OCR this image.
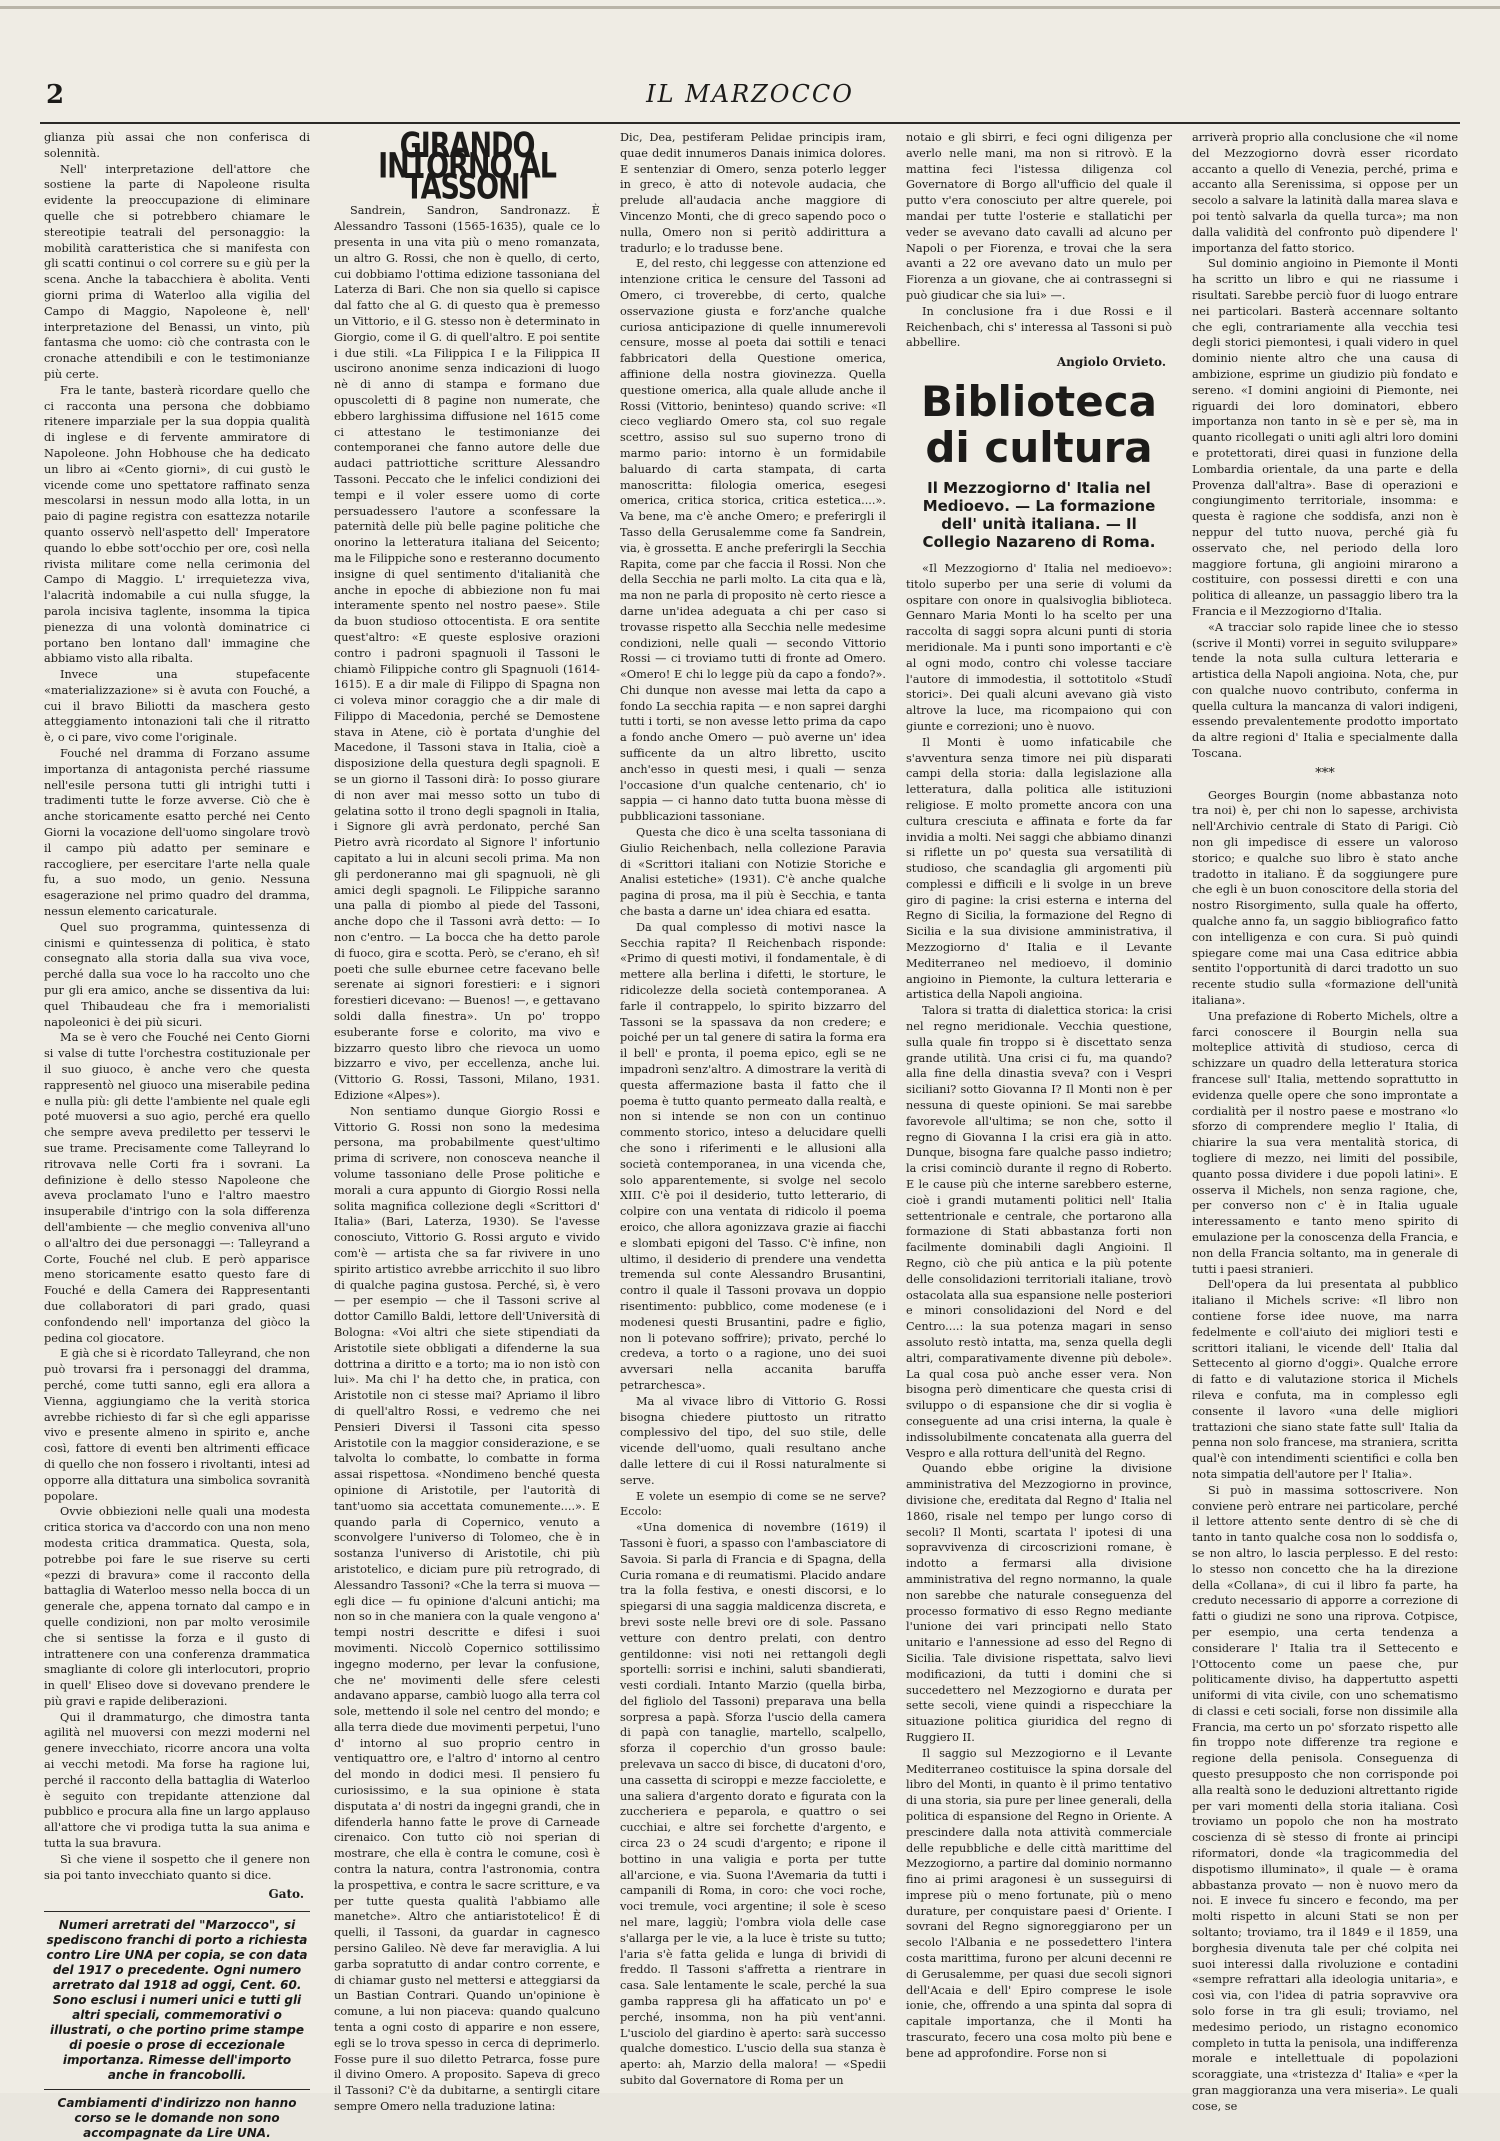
2	IL MARZOCCO

glianza più assai che non conferisca di solennità.

Nell' interpretazione dell'attore che sostiene la parte di Napoleone risulta evidente la preoccupazione di eliminare quelle che si potrebbero chiamare le stereotipie teatrali del personaggio: la mobilità caratteristica che si manifesta con gli scatti continui o col correre su e giù per la scena. Anche la tabacchiera è abolita. Venti giorni prima di Waterloo alla vigilia del Campo di Maggio, Napoleone è, nell' interpretazione del Benassi, un vinto, più fantasma che uomo: ciò che contrasta con le cronache attendibili e con le testimonianze più certe.

Fra le tante, basterà ricordare quello che ci racconta una persona che dobbiamo ritenere imparziale per la sua doppia qualità di inglese e di fervente ammiratore di Napoleone. John Hobhouse che ha dedicato un libro ai «Cento giorni», di cui gustò le vicende come uno spettatore raffinato senza mescolarsi in nessun modo alla lotta, in un paio di pagine registra con esattezza notarile quanto osservò nell'aspetto dell' Imperatore quando lo ebbe sott'occhio per ore, così nella rivista militare come nella cerimonia del Campo di Maggio. L' irrequietezza viva, l'alacrità indomabile a cui nulla sfugge, la parola incisiva taglente, insomma la tipica pienezza di una volontà dominatrice ci portano ben lontano dall' immagine che abbiamo visto alla ribalta.

Invece una stupefacente «materializzazione» si è avuta con Fouché, a cui il bravo Biliotti da maschera gesto atteggiamento intonazioni tali che il ritratto è, o ci pare, vivo come l'originale.

Fouché nel dramma di Forzano assume importanza di antagonista perché riassume nell'esile persona tutti gli intrighi tutti i tradimenti tutte le forze avverse. Ciò che è anche storicamente esatto perché nei Cento Giorni la vocazione dell'uomo singolare trovò il campo più adatto per seminare e raccogliere, per esercitare l'arte nella quale fu, a suo modo, un genio. Nessuna esagerazione nel primo quadro del dramma, nessun elemento caricaturale.

Quel suo programma, quintessenza di cinismi e quintessenza di politica, è stato consegnato alla storia dalla sua viva voce, perché dalla sua voce lo ha raccolto uno che pur gli era amico, anche se dissentiva da lui: quel Thibaudeau che fra i memorialisti napoleonici è dei più sicuri.

Ma se è vero che Fouché nei Cento Giorni si valse di tutte l'orchestra costituzionale per il suo giuoco, è anche vero che questa rappresentò nel giuoco una miserabile pedina e nulla più: gli dette l'ambiente nel quale egli poté muoversi a suo agio, perché era quello che sempre aveva prediletto per tesservi le sue trame. Precisamente come Talleyrand lo ritrovava nelle Corti fra i sovrani. La definizione è dello stesso Napoleone che aveva proclamato l'uno e l'altro maestro insuperabile d'intrigo con la sola differenza dell'ambiente — che meglio conveniva all'uno o all'altro dei due personaggi —: Talleyrand a Corte, Fouché nel club. E però apparisce meno storicamente esatto questo fare di Fouché e della Camera dei Rappresentanti due collaboratori di pari grado, quasi confondendo nell' importanza del giòco la pedina col giocatore.

E già che si è ricordato Talleyrand, che non può trovarsi fra i personaggi del dramma, perché, come tutti sanno, egli era allora a Vienna, aggiungiamo che la verità storica avrebbe richiesto di far sì che egli apparisse vivo e presente almeno in spirito e, anche così, fattore di eventi ben altrimenti efficace di quello che non fossero i rivoltanti, intesi ad opporre alla dittatura una simbolica sovranità popolare.

Ovvie obbiezioni nelle quali una modesta critica storica va d'accordo con una non meno modesta critica drammatica. Questa, sola, potrebbe poi fare le sue riserve su certi «pezzi di bravura» come il racconto della battaglia di Waterloo messo nella bocca di un generale che, appena tornato dal campo e in quelle condizioni, non par molto verosimile che si sentisse la forza e il gusto di intrattenere con una conferenza drammatica smagliante di colore gli interlocutori, proprio in quell' Eliseo dove si dovevano prendere le più gravi e rapide deliberazioni.

Qui il drammaturgo, che dimostra tanta agilità nel muoversi con mezzi moderni nel genere invecchiato, ricorre ancora una volta ai vecchi metodi. Ma forse ha ragione lui, perché il racconto della battaglia di Waterloo è seguito con trepidante attenzione dal pubblico e procura alla fine un largo applauso all'attore che vi prodiga tutta la sua anima e tutta la sua bravura.

Sì che viene il sospetto che il genere non sia poi tanto invecchiato quanto si dice.

Gato.
Numeri arretrati del "Marzocco", si spediscono franchi di porto a richiesta contro Lire UNA per copia, se con data del 1917 o precedente. Ogni numero arretrato dal 1918 ad oggi, Cent. 60. Sono esclusi i numeri unici e tutti gli altri speciali, commemorativi o illustrati, o che portino prime stampe di poesie o prose di eccezionale importanza. Rimesse dell'importo anche in francobolli.
Cambiamenti d'indirizzo non hanno corso se le domande non sono accompagnate da Lire UNA.
GIRANDO INTORNO AL TASSONI

Sandrein, Sandron, Sandronazz. È Alessandro Tassoni (1565-1635), quale ce lo presenta in una vita più o meno romanzata, un altro G. Rossi, che non è quello, di certo, cui dobbiamo l'ottima edizione tassoniana del Laterza di Bari. Che non sia quello si capisce dal fatto che al G. di questo qua è premesso un Vittorio, e il G. stesso non è determinato in Giorgio, come il G. di quell'altro. E poi sentite i due stili. «La Filippica I e la Filippica II uscirono anonime senza indicazioni di luogo nè di anno di stampa e formano due opuscoletti di 8 pagine non numerate, che ebbero larghissima diffusione nel 1615 come ci attestano le testimonianze dei contemporanei che fanno autore delle due audaci pattriottiche scritture Alessandro Tassoni. Peccato che le infelici condizioni dei tempi e il voler essere uomo di corte persuadessero l'autore a sconfessare la paternità delle più belle pagine politiche che onorino la letteratura italiana del Seicento; ma le Filippiche sono e resteranno documento insigne di quel sentimento d'italianità che anche in epoche di abbiezione non fu mai interamente spento nel nostro paese». Stile da buon studioso ottocentista. E ora sentite quest'altro: «E queste esplosive orazioni contro i padroni spagnuoli il Tassoni le chiamò Filippiche contro gli Spagnuoli (1614-1615). E a dir male di Filippo di Spagna non ci voleva minor coraggio che a dir male di Filippo di Macedonia, perché se Demostene stava in Atene, ciò è portata d'unghie del Macedone, il Tassoni stava in Italia, cioè a disposizione della questura degli spagnoli. E se un giorno il Tassoni dirà: Io posso giurare di non aver mai messo sotto un tubo di gelatina sotto il trono degli spagnoli in Italia, i Signore gli avrà perdonato, perché San Pietro avrà ricordato al Signore l' infortunio capitato a lui in alcuni secoli prima. Ma non gli perdoneranno mai gli spagnuoli, nè gli amici degli spagnoli. Le Filippiche saranno una palla di piombo al piede del Tassoni, anche dopo che il Tassoni avrà detto: — Io non c'entro. — La bocca che ha detto parole di fuoco, gira e scotta. Però, se c'erano, eh sì! poeti che sulle eburnee cetre facevano belle serenate ai signori forestieri: e i signori forestieri dicevano: — Buenos! —, e gettavano soldi dalla finestra». Un po' troppo esuberante forse e colorito, ma vivo e bizzarro questo libro che rievoca un uomo bizzarro e vivo, per eccellenza, anche lui. (Vittorio G. Rossi, Tassoni, Milano, 1931. Edizione «Alpes»).

Non sentiamo dunque Giorgio Rossi e Vittorio G. Rossi non sono la medesima persona, ma probabilmente quest'ultimo prima di scrivere, non conosceva neanche il volume tassoniano delle Prose politiche e morali a cura appunto di Giorgio Rossi nella solita magnifica collezione degli «Scrittori d' Italia» (Bari, Laterza, 1930). Se l'avesse conosciuto, Vittorio G. Rossi arguto e vivido com'è — artista che sa far rivivere in uno spirito artistico avrebbe arricchito il suo libro di qualche pagina gustosa. Perché, sì, è vero — per esempio — che il Tassoni scrive al dottor Camillo Baldi, lettore dell'Università di Bologna: «Voi altri che siete stipendiati da Aristotile siete obbligati a difenderne la sua dottrina a diritto e a torto; ma io non istò con lui». Ma chi l' ha detto che, in pratica, con Aristotile non ci stesse mai? Apriamo il libro di quell'altro Rossi, e vedremo che nei Pensieri Diversi il Tassoni cita spesso Aristotile con la maggior considerazione, e se talvolta lo combatte, lo combatte in forma assai rispettosa. «Nondimeno benché questa opinione di Aristotile, per l'autorità di tant'uomo sia accettata comunemente....». E quando parla di Copernico, venuto a sconvolgere l'universo di Tolomeo, che è in sostanza l'universo di Aristotile, chi più aristotelico, e diciam pure più retrogrado, di Alessandro Tassoni? «Che la terra si muova — egli dice — fu opinione d'alcuni antichi; ma non so in che maniera con la quale vengono a' tempi nostri descritte e difesi i suoi movimenti. Niccolò Copernico sottilissimo ingegno moderno, per levar la confusione, che ne' movimenti delle sfere celesti andavano apparse, cambiò luogo alla terra col sole, mettendo il sole nel centro del mondo; e alla terra diede due movimenti perpetui, l'uno d' intorno al suo proprio centro in ventiquattro ore, e l'altro d' intorno al centro del mondo in dodici mesi. Il pensiero fu curiosissimo, e la sua opinione è stata disputata a' di nostri da ingegni grandi, che in difenderla hanno fatte le prove di Carneade cirenaico. Con tutto ciò noi sperian di mostrare, che ella è contra le comune, così è contra la natura, contra l'astronomia, contra la prospettiva, e contra le sacre scritture, e va per tutte questa qualità l'abbiamo alle manetche». Altro che antiaristotelico! È di quelli, il Tassoni, da guardar in cagnesco persino Galileo. Nè deve far meraviglia. A lui garba sopratutto di andar contro corrente, e di chiamar gusto nel mettersi e atteggiarsi da un Bastian Contrari. Quando un'opinione è comune, a lui non piaceva: quando qualcuno tenta a ogni costo di apparire e non essere, egli se lo trova spesso in cerca di deprimerlo. Fosse pure il suo diletto Petrarca, fosse pure il divino Omero. A proposito. Sapeva di greco il Tassoni? C'è da dubitarne, a sentirgli citare sempre Omero nella traduzione latina:

Dic, Dea, pestiferam Pelidae principis iram, quae dedit innumeros Danais inimica dolores. E sentenziar di Omero, senza poterlo legger in greco, è atto di notevole audacia, che prelude all'audacia anche maggiore di Vincenzo Monti, che di greco sapendo poco o nulla, Omero non si peritò addirittura a tradurlo; e lo tradusse bene.

E, del resto, chi leggesse con attenzione ed intenzione critica le censure del Tassoni ad Omero, ci troverebbe, di certo, qualche osservazione giusta e forz'anche qualche curiosa anticipazione di quelle innumerevoli censure, mosse al poeta dai sottili e tenaci fabbricatori della Questione omerica, affinione della nostra giovinezza. Quella questione omerica, alla quale allude anche il Rossi (Vittorio, beninteso) quando scrive: «Il cieco vegliardo Omero sta, col suo regale scettro, assiso sul suo superno trono di marmo pario: intorno è un formidabile baluardo di carta stampata, di carta manoscritta: filologia omerica, esegesi omerica, critica storica, critica estetica....». Va bene, ma c'è anche Omero; e preferirgli il Tasso della Gerusalemme come fa Sandrein, via, è grossetta. E anche preferirgli la Secchia Rapita, come par che faccia il Rossi. Non che della Secchia ne parli molto. La cita qua e là, ma non ne parla di proposito nè certo riesce a darne un'idea adeguata a chi per caso si trovasse rispetto alla Secchia nelle medesime condizioni, nelle quali — secondo Vittorio Rossi — ci troviamo tutti di fronte ad Omero. «Omero! E chi lo legge più da capo a fondo?». Chi dunque non avesse mai letta da capo a fondo La secchia rapita — e non saprei darghi tutti i torti, se non avesse letto prima da capo a fondo anche Omero — può averne un' idea sufficente da un altro libretto, uscito anch'esso in questi mesi, i quali — senza l'occasione d'un qualche centenario, ch' io sappia — ci hanno dato tutta buona mèsse di pubblicazioni tassoniane.

Questa che dico è una scelta tassoniana di Giulio Reichenbach, nella collezione Paravia di «Scrittori italiani con Notizie Storiche e Analisi estetiche» (1931). C'è anche qualche pagina di prosa, ma il più è Secchia, e tanta che basta a darne un' idea chiara ed esatta.

Da qual complesso di motivi nasce la Secchia rapita? Il Reichenbach risponde: «Primo di questi motivi, il fondamentale, è di mettere alla berlina i difetti, le storture, le ridicolezze della società contemporanea. A farle il contrappelo, lo spirito bizzarro del Tassoni se la spassava da non credere; e poiché per un tal genere di satira la forma era il bell' e pronta, il poema epico, egli se ne impadronì senz'altro. A dimostrare la verità di questa affermazione basta il fatto che il poema è tutto quanto permeato dalla realtà, e non si intende se non con un continuo commento storico, inteso a delucidare quelli che sono i riferimenti e le allusioni alla società contemporanea, in una vicenda che, solo apparentemente, si svolge nel secolo XIII. C'è poi il desiderio, tutto letterario, di colpire con una ventata di ridicolo il poema eroico, che allora agonizzava grazie ai fiacchi e slombati epigoni del Tasso. C'è infine, non ultimo, il desiderio di prendere una vendetta tremenda sul conte Alessandro Brusantini, contro il quale il Tassoni provava un doppio risentimento: pubblico, come modenese (e i modenesi questi Brusantini, padre e figlio, non li potevano soffrire); privato, perché lo credeva, a torto o a ragione, uno dei suoi avversari nella accanita baruffa petrarchesca».

Ma al vivace libro di Vittorio G. Rossi bisogna chiedere piuttosto un ritratto complessivo del tipo, del suo stile, delle vicende dell'uomo, quali resultano anche dalle lettere di cui il Rossi naturalmente si serve.

E volete un esempio di come se ne serve? Eccolo:

«Una domenica di novembre (1619) il Tassoni è fuori, a spasso con l'ambasciatore di Savoia. Si parla di Francia e di Spagna, della Curia romana e di reumatismi. Placido andare tra la folla festiva, e onesti discorsi, e lo spiegarsi di una saggia maldicenza discreta, e brevi soste nelle brevi ore di sole. Passano vetture con dentro prelati, con dentro gentildonne: visi noti nei rettangoli degli sportelli: sorrisi e inchini, saluti sbandierati, vesti cordiali. Intanto Marzio (quella birba, del figliolo del Tassoni) preparava una bella sorpresa a papà. Sforza l'uscio della camera di papà con tanaglie, martello, scalpello, sforza il coperchio d'un grosso baule: prelevava un sacco di bisce, di ducatoni d'oro, una cassetta di sciroppi e mezze facciolette, e una saliera d'argento dorato e figurata con la zuccheriera e peparola, e quattro o sei cucchiai, e altre sei forchette d'argento, e circa 23 o 24 scudi d'argento; e ripone il bottino in una valigia e porta per tutte all'arcione, e via. Suona l'Avemaria da tutti i campanili di Roma, in coro: che voci roche, voci tremule, voci argentine; il sole è sceso nel mare, laggiù; l'ombra viola delle case s'allarga per le vie, a la luce è triste su tutto; l'aria s'è fatta gelida e lunga di brividi di freddo. Il Tassoni s'affretta a rientrare in casa. Sale lentamente le scale, perché la sua gamba rappresa gli ha affaticato un po' e perché, insomma, non ha più vent'anni. L'usciolo del giardino è aperto: sarà successo qualche domestico. L'uscio della sua stanza è aperto: ah, Marzio della malora! — «Spedii subito dal Governatore di Roma per un

notaio e gli sbirri, e feci ogni diligenza per averlo nelle mani, ma non si ritrovò. E la mattina feci l'istessa diligenza col Governatore di Borgo all'ufficio del quale il putto v'era conosciuto per altre querele, poi mandai per tutte l'osterie e stallatichi per veder se avevano dato cavalli ad alcuno per Napoli o per Fiorenza, e trovai che la sera avanti a 22 ore avevano dato un mulo per Fiorenza a un giovane, che ai contrassegni si può giudicar che sia lui» —.

In conclusione fra i due Rossi e il Reichenbach, chi s' interessa al Tassoni si può abbellire.

Angiolo Orvieto.
Biblioteca di cultura
Il Mezzogiorno d' Italia nel Medioevo. — La formazione dell' unità italiana. — Il Collegio Nazareno di Roma.

«Il Mezzogiorno d' Italia nel medioevo»: titolo superbo per una serie di volumi da ospitare con onore in qualsivoglia biblioteca. Gennaro Maria Monti lo ha scelto per una raccolta di saggi sopra alcuni punti di storia meridionale. Ma i punti sono importanti e c'è al ogni modo, contro chi volesse tacciare l'autore di immodestia, il sottotitolo «Studî storici». Dei quali alcuni avevano già visto altrove la luce, ma ricompaiono qui con giunte e correzioni; uno è nuovo.

Il Monti è uomo infaticabile che s'avventura senza timore nei più disparati campi della storia: dalla legislazione alla letteratura, dalla politica alle istituzioni religiose. E molto promette ancora con una cultura cresciuta e affinata e forte da far invidia a molti. Nei saggi che abbiamo dinanzi si riflette un po' questa sua versatilità di studioso, che scandaglia gli argomenti più complessi e difficili e li svolge in un breve giro di pagine: la crisi esterna e interna del Regno di Sicilia, la formazione del Regno di Sicilia e la sua divisione amministrativa, il Mezzogiorno d' Italia e il Levante Mediterraneo nel medioevo, il dominio angioino in Piemonte, la cultura letteraria e artistica della Napoli angioina.

Talora si tratta di dialettica storica: la crisi nel regno meridionale. Vecchia questione, sulla quale fin troppo si è discettato senza grande utilità. Una crisi ci fu, ma quando? alla fine della dinastia sveva? con i Vespri siciliani? sotto Giovanna I? Il Monti non è per nessuna di queste opinioni. Se mai sarebbe favorevole all'ultima; se non che, sotto il regno di Giovanna I la crisi era già in atto. Dunque, bisogna fare qualche passo indietro; la crisi cominciò durante il regno di Roberto. E le cause più che interne sarebbero esterne, cioè i grandi mutamenti politici nell' Italia settentrionale e centrale, che portarono alla formazione di Stati abbastanza forti non facilmente dominabili dagli Angioini. Il Regno, ciò che più antica e la più potente delle consolidazioni territoriali italiane, trovò ostacolata alla sua espansione nelle posteriori e minori consolidazioni del Nord e del Centro....: la sua potenza magari in senso assoluto restò intatta, ma, senza quella degli altri, comparativamente divenne più debole». La qual cosa può anche esser vera. Non bisogna però dimenticare che questa crisi di sviluppo o di espansione che dir si voglia è conseguente ad una crisi interna, la quale è indissolubilmente concatenata alla guerra del Vespro e alla rottura dell'unità del Regno.

Quando ebbe origine la divisione amministrativa del Mezzogiorno in province, divisione che, ereditata dal Regno d' Italia nel 1860, risale nel tempo per lungo corso di secoli? Il Monti, scartata l' ipotesi di una sopravvivenza di circoscrizioni romane, è indotto a fermarsi alla divisione amministrativa del regno normanno, la quale non sarebbe che naturale conseguenza del processo formativo di esso Regno mediante l'unione dei vari principati nello Stato unitario e l'annessione ad esso del Regno di Sicilia. Tale divisione rispettata, salvo lievi modificazioni, da tutti i domini che si succedettero nel Mezzogiorno e durata per sette secoli, viene quindi a rispecchiare la situazione politica giuridica del regno di Ruggiero II.

Il saggio sul Mezzogiorno e il Levante Mediterraneo costituisce la spina dorsale del libro del Monti, in quanto è il primo tentativo di una storia, sia pure per linee generali, della politica di espansione del Regno in Oriente. A prescindere dalla nota attività commerciale delle repubbliche e delle città marittime del Mezzogiorno, a partire dal dominio normanno fino ai primi aragonesi è un susseguirsi di imprese più o meno fortunate, più o meno durature, per conquistare paesi d' Oriente. I sovrani del Regno signoreggiarono per un secolo l'Albania e ne possedettero l'intera costa marittima, furono per alcuni decenni re di Gerusalemme, per quasi due secoli signori dell'Acaia e dell' Epiro comprese le isole ionie, che, offrendo a una spinta dal sopra di capitale importanza, che il Monti ha trascurato, fecero una cosa molto più bene e bene ad approfondire. Forse non si

arriverà proprio alla conclusione che «il nome del Mezzogiorno dovrà esser ricordato accanto a quello di Venezia, perché, prima e accanto alla Serenissima, si oppose per un secolo a salvare la latinità dalla marea slava e poi tentò salvarla da quella turca»; ma non dalla validità del confronto può dipendere l' importanza del fatto storico.

Sul dominio angioino in Piemonte il Monti ha scritto un libro e qui ne riassume i risultati. Sarebbe perciò fuor di luogo entrare nei particolari. Basterà accennare soltanto che egli, contrariamente alla vecchia tesi degli storici piemontesi, i quali videro in quel dominio niente altro che una causa di ambizione, esprime un giudizio più fondato e sereno. «I domini angioini di Piemonte, nei riguardi dei loro dominatori, ebbero importanza non tanto in sè e per sè, ma in quanto ricollegati o uniti agli altri loro domini e protettorati, direi quasi in funzione della Lombardia orientale, da una parte e della Provenza dall'altra». Base di operazioni e congiungimento territoriale, insomma: e questa è ragione che soddisfa, anzi non è neppur del tutto nuova, perché già fu osservato che, nel periodo della loro maggiore fortuna, gli angioini mirarono a costituire, con possessi diretti e con una politica di alleanze, un passaggio libero tra la Francia e il Mezzogiorno d'Italia.

«A tracciar solo rapide linee che io stesso (scrive il Monti) vorrei in seguito sviluppare» tende la nota sulla cultura letteraria e artistica della Napoli angioina. Nota, che, pur con qualche nuovo contributo, conferma in quella cultura la mancanza di valori indigeni, essendo prevalentemente prodotto importato da altre regioni d' Italia e specialmente dalla Toscana.

***

Georges Bourgin (nome abbastanza noto tra noi) è, per chi non lo sapesse, archivista nell'Archivio centrale di Stato di Parigi. Ciò non gli impedisce di essere un valoroso storico; e qualche suo libro è stato anche tradotto in italiano. È da soggiungere pure che egli è un buon conoscitore della storia del nostro Risorgimento, sulla quale ha offerto, qualche anno fa, un saggio bibliografico fatto con intelligenza e con cura. Si può quindi spiegare come mai una Casa editrice abbia sentito l'opportunità di darci tradotto un suo recente studio sulla «formazione dell'unità italiana».

Una prefazione di Roberto Michels, oltre a farci conoscere il Bourgin nella sua molteplice attività di studioso, cerca di schizzare un quadro della letteratura storica francese sull' Italia, mettendo soprattutto in evidenza quelle opere che sono improntate a cordialità per il nostro paese e mostrano «lo sforzo di comprendere meglio l' Italia, di chiarire la sua vera mentalità storica, di togliere di mezzo, nei limiti del possibile, quanto possa dividere i due popoli latini». E osserva il Michels, non senza ragione, che, per converso non c' è in Italia uguale interessamento e tanto meno spirito di emulazione per la conoscenza della Francia, e non della Francia soltanto, ma in generale di tutti i paesi stranieri.

Dell'opera da lui presentata al pubblico italiano il Michels scrive: «Il libro non contiene forse idee nuove, ma narra fedelmente e coll'aiuto dei migliori testi e scrittori italiani, le vicende dell' Italia dal Settecento al giorno d'oggi». Qualche errore di fatto e di valutazione storica il Michels rileva e confuta, ma in complesso egli consente il lavoro «una delle migliori trattazioni che siano state fatte sull' Italia da penna non solo francese, ma straniera, scritta qual'è con intendimenti scientifici e colla ben nota simpatia dell'autore per l' Italia».

Si può in massima sottoscrivere. Non conviene però entrare nei particolare, perché il lettore attento sente dentro di sè che di tanto in tanto qualche cosa non lo soddisfa o, se non altro, lo lascia perplesso. E del resto: lo stesso non concetto che ha la direzione della «Collana», di cui il libro fa parte, ha creduto necessario di apporre a correzione di fatti o giudizi ne sono una riprova. Cotpisce, per esempio, una certa tendenza a considerare l' Italia tra il Settecento e l'Ottocento come un paese che, pur politicamente diviso, ha dappertutto aspetti uniformi di vita civile, con uno schematismo di classi e ceti sociali, forse non dissimile alla Francia, ma certo un po' sforzato rispetto alle fin troppo note differenze tra regione e regione della penisola. Conseguenza di questo presupposto che non corrisponde poi alla realtà sono le deduzioni altrettanto rigide per vari momenti della storia italiana. Così troviamo un popolo che non ha mostrato coscienza di sè stesso di fronte ai principi riformatori, donde «la tragicommedia del dispotismo illuminato», il quale — è orama abbastanza provato — non è nuovo mero da noi. E invece fu sincero e fecondo, ma per molti rispetto in alcuni Stati se non per soltanto; troviamo, tra il 1849 e il 1859, una borghesia divenuta tale per ché colpita nei suoi interessi dalla rivoluzione e contadini «sempre refrattari alla ideologia unitaria», e così via, con l'idea di patria sopravvive ora solo forse in tra gli esuli; troviamo, nel medesimo periodo, un ristagno economico completo in tutta la penisola, una indifferenza morale e intellettuale di popolazioni scoraggiate, una «tristezza d' Italia» e «per la gran maggioranza una vera miseria». Le quali cose, se
